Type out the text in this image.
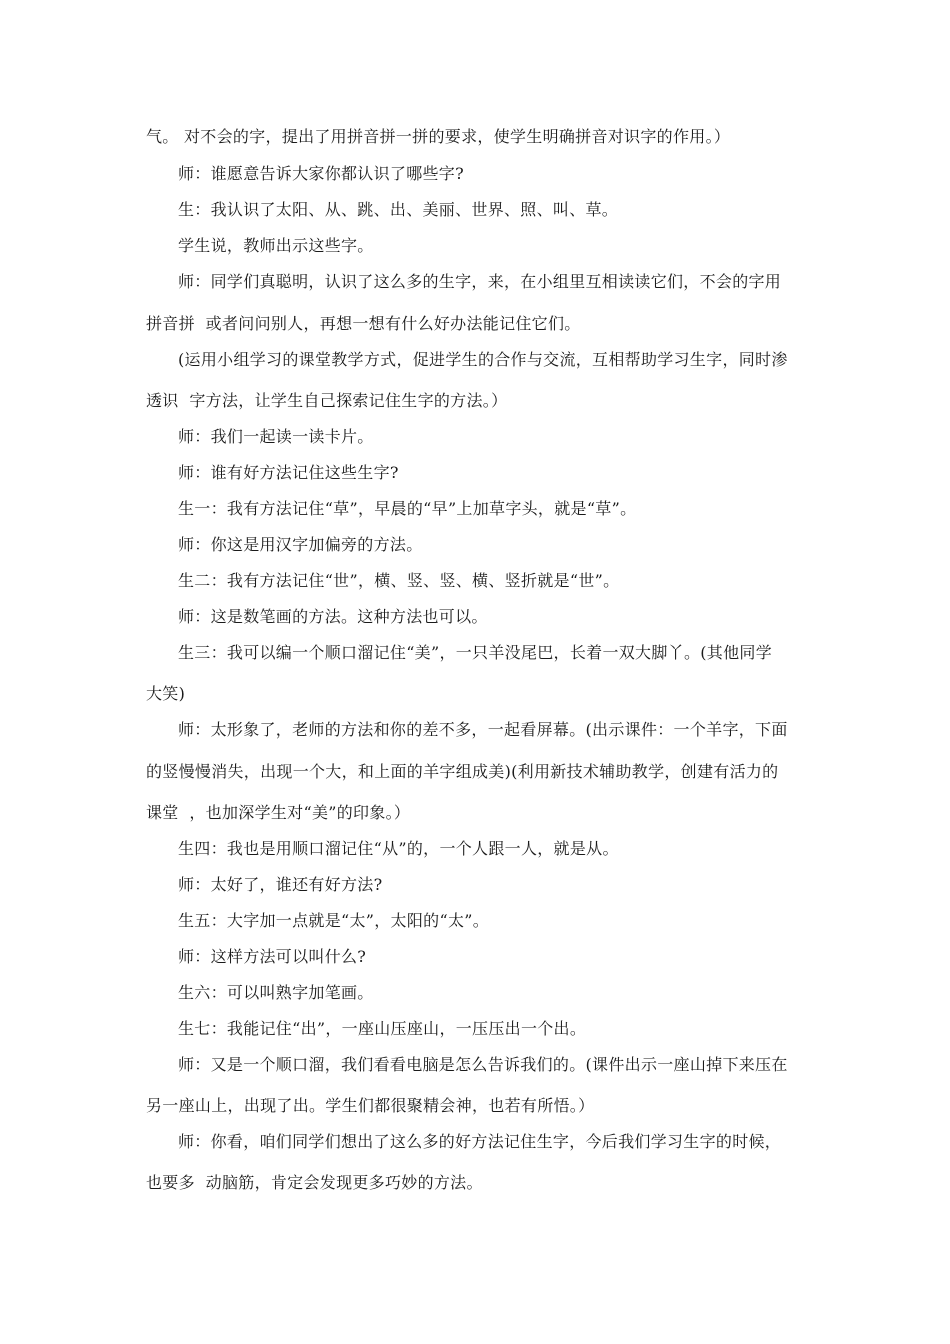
气。 对不会的字，提出了用拼音拼一拼的要求，使学生明确拼音对识字的作用。）
师：谁愿意告诉大家你都认识了哪些字?
生：我认识了太阳、从、跳、出、美丽、世界、照、叫、草。
学生说，教师出示这些字。
师：同学们真聪明，认识了这么多的生字，来，在小组里互相读读它们，不会的字用
拼音拼  或者问问别人，再想一想有什么好办法能记住它们。
(运用小组学习的课堂教学方式，促进学生的合作与交流，互相帮助学习生字，同时渗
透识  字方法，让学生自己探索记住生字的方法。）
师：我们一起读一读卡片。
师：谁有好方法记住这些生字?
生一：我有方法记住“草”，早晨的“早”上加草字头，就是“草”。
师：你这是用汉字加偏旁的方法。
生二：我有方法记住“世”，横、竖、竖、横、竖折就是“世”。
师：这是数笔画的方法。这种方法也可以。
生三：我可以编一个顺口溜记住“美”，一只羊没尾巴，长着一双大脚丫。(其他同学
大笑)
师：太形象了，老师的方法和你的差不多，一起看屏幕。(出示课件：一个羊字，下面
的竖慢慢消失，出现一个大，和上面的羊字组成美)(利用新技术辅助教学，创建有活力的
课堂  ，也加深学生对“美”的印象。）
生四：我也是用顺口溜记住“从”的，一个人跟一人，就是从。
师：太好了，谁还有好方法?
生五：大字加一点就是“太”，太阳的“太”。
师：这样方法可以叫什么?
生六：可以叫熟字加笔画。
生七：我能记住“出”，一座山压座山，一压压出一个出。
师：又是一个顺口溜，我们看看电脑是怎么告诉我们的。(课件出示一座山掉下来压在
另一座山上，出现了出。学生们都很聚精会神，也若有所悟。）
师：你看，咱们同学们想出了这么多的好方法记住生字，今后我们学习生字的时候，
也要多  动脑筋，肯定会发现更多巧妙的方法。
